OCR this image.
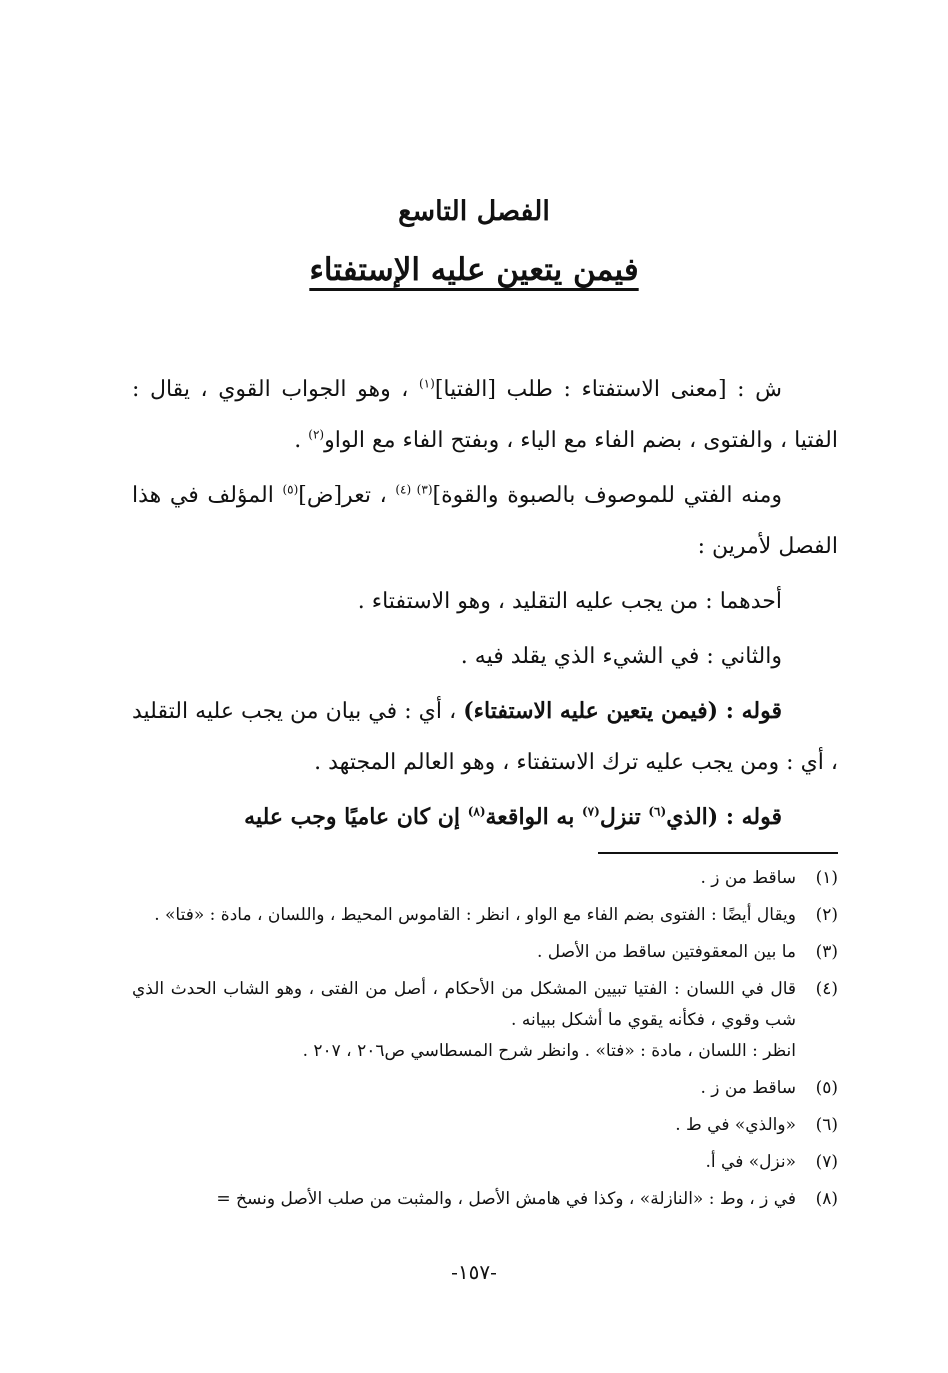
الفصل التاسع
فيمن يتعين عليه الإستفتاء

ش : [معنى الاستفتاء : طلب [الفتيا]$^{(١)}$ ، وهو الجواب القوي ، يقال : الفتيا ، والفتوى ، بضم الفاء مع الياء ، وبفتح الفاء مع الواو$^{(٢)}$ .

ومنه الفتي للموصوف بالصبوة والقوة]$^{(٣)}$ $^{(٤)}$ ، تعر[ض]$^{(٥)}$ المؤلف في هذا الفصل لأمرين :

أحدهما : من يجب عليه التقليد ، وهو الاستفتاء .

والثاني : في الشيء الذي يقلد فيه .

قوله : (فيمن يتعين عليه الاستفتاء) ، أي : في بيان من يجب عليه التقليد ، أي : ومن يجب عليه ترك الاستفتاء ، وهو العالم المجتهد .

قوله : (الذي$^{(٦)}$ تنزل$^{(٧)}$ به الواقعة$^{(٨)}$ إن كان عاميًا وجب عليه

(١)
ساقط من ز .
(٢)
ويقال أيضًا : الفتوى بضم الفاء مع الواو ، انظر : القاموس المحيط ، واللسان ، مادة : «فتا» .
(٣)
ما بين المعقوفتين ساقط من الأصل .
(٤)
قال في اللسان : الفتيا تبيين المشكل من الأحكام ، أصل من الفتى ، وهو الشاب الحدث الذي شب وقوي ، فكأنه يقوي ما أشكل ببيانه .
انظر : اللسان ، مادة : «فتا» . وانظر شرح المسطاسي ص٢٠٦ ، ٢٠٧ .
(٥)
ساقط من ز .
(٦)
«والذي» في ط .
(٧)
«نزل» في أ.
(٨)
في ز ، وط : «النازلة» ، وكذا في هامش الأصل ، والمثبت من صلب الأصل ونسخ =
-١٥٧-
